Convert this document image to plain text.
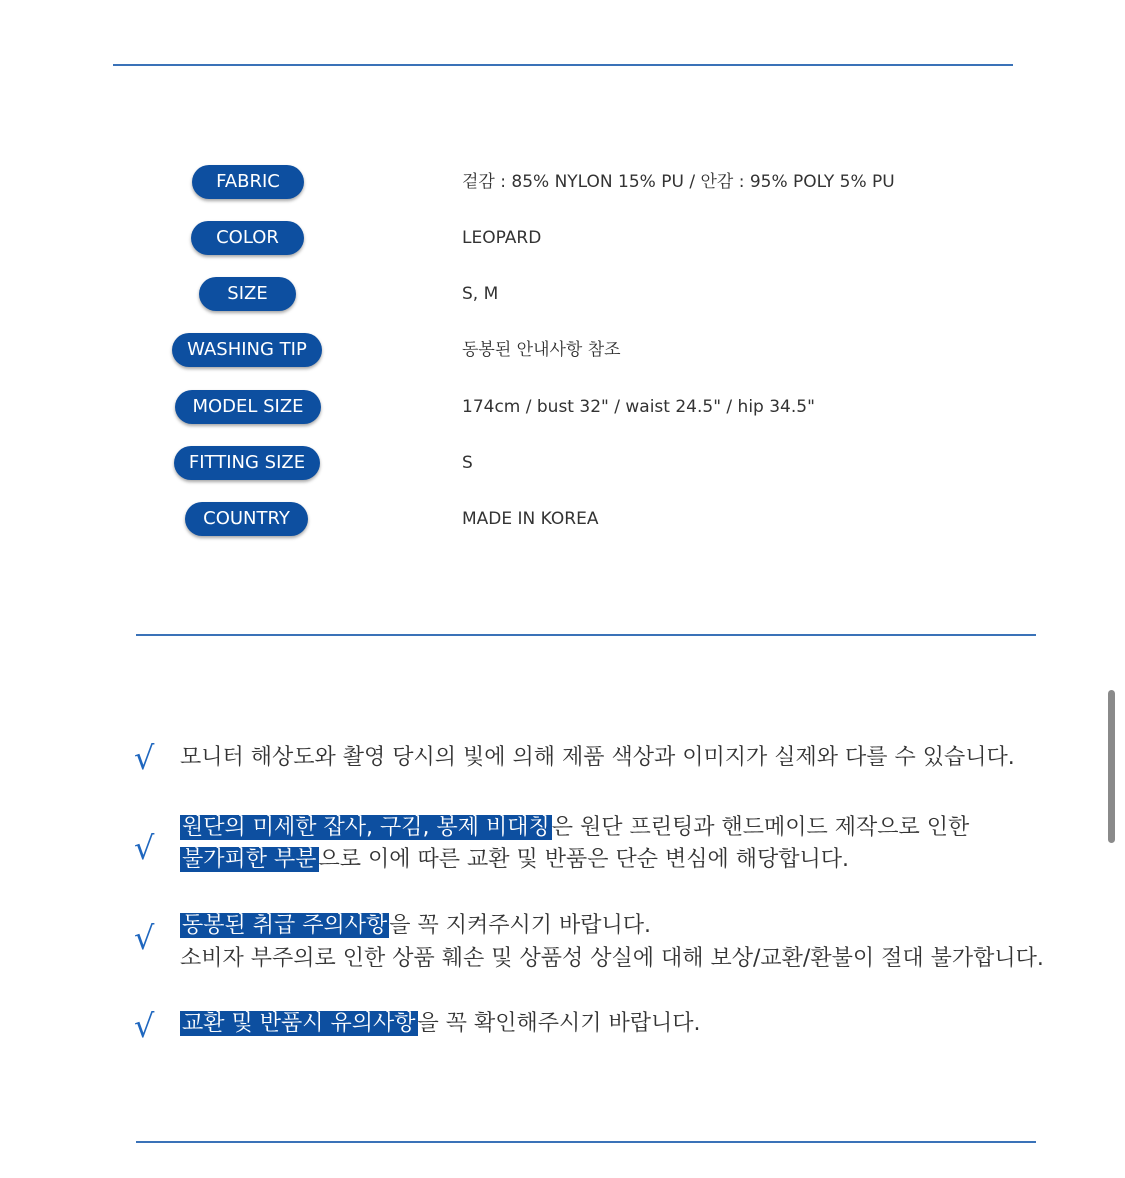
FABRIC	겉감 : 85% NYLON 15% PU / 안감 : 95% POLY 5% PU
COLOR	LEOPARD
SIZE	S, M
WASHING TIP	동봉된 안내사항 참조
MODEL SIZE	174cm / bust 32" / waist 24.5" / hip 34.5"
FITTING SIZE	S
COUNTRY	MADE IN KOREA
√ 모니터 해상도와 촬영 당시의 빛에 의해 제품 색상과 이미지가 실제와 다를 수 있습니다.
√
원단의 미세한 잡사, 구김, 봉제 비대칭은 원단 프린팅과 핸드메이드 제작으로 인한
불가피한 부분으로 이에 따른 교환 및 반품은 단순 변심에 해당합니다.
√ 동봉된 취급 주의사항을 꼭 지켜주시기 바랍니다.
소비자 부주의로 인한 상품 훼손 및 상품성 상실에 대해 보상/교환/환불이 절대 불가합니다.
√ 교환 및 반품시 유의사항을 꼭 확인해주시기 바랍니다.
